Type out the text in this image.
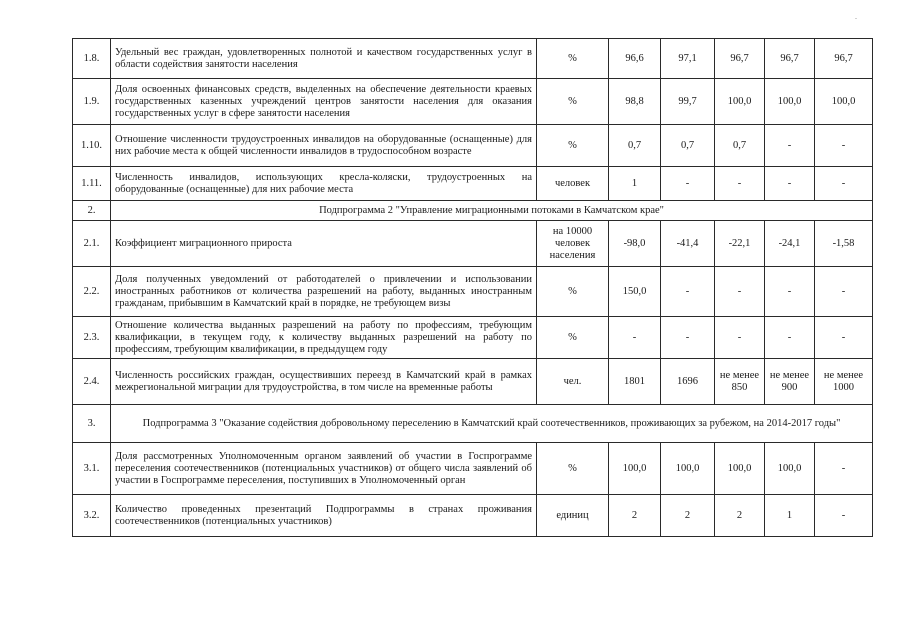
.
1.8.	Удельный вес граждан, удовлетворенных полнотой и качеством государственных услуг в области содействия занятости населения	%	96,6	97,1	96,7	96,7	96,7
1.9.	Доля освоенных финансовых средств, выделенных на обеспечение деятельности краевых государственных казенных учреждений центров занятости населения для оказания государственных услуг в сфере занятости населения	%	98,8	99,7	100,0	100,0	100,0
1.10.	Отношение численности трудоустроенных инвалидов на оборудованные (оснащенные) для них рабочие места к общей численности инвалидов в трудоспособном возрасте	%	0,7	0,7	0,7	-	-
1.11.	Численность инвалидов, использующих кресла-коляски, трудоустроенных на оборудованные (оснащенные) для них рабочие места	человек	1	-	-	-	-
2.	Подпрограмма 2 "Управление миграционными потоками в Камчатском крае"						
2.1.	Коэффициент миграционного прироста	на 10000 человек населения	-98,0	-41,4	-22,1	-24,1	-1,58
2.2.	Доля полученных уведомлений от работодателей о привлечении и использовании иностранных работников от количества разрешений на работу, выданных иностранным гражданам, прибывшим в Камчатский край в порядке, не требующем визы	%	150,0	-	-	-	-
2.3.	Отношение количества выданных разрешений на работу по профессиям, требующим квалификации, в текущем году, к количеству выданных разрешений на работу по профессиям, требующим квалификации, в предыдущем году	%	-	-	-	-	-
2.4.	Численность российских граждан, осуществивших переезд в Камчатский край в рамках межрегиональной миграции для трудоустройства, в том числе на временные работы	чел.	1801	1696	не менее 850	не менее 900	не менее 1000
3.	Подпрограмма 3 "Оказание содействия добровольному переселению в Камчатский край соотечественников, проживающих за рубежом, на 2014-2017 годы"						
3.1.	Доля рассмотренных Уполномоченным органом заявлений об участии в Госпрограмме переселения соотечественников (потенциальных участников) от общего числа заявлений об участии в Госпрограмме переселения, поступивших в Уполномоченный орган	%	100,0	100,0	100,0	100,0	-
3.2.	Количество проведенных презентаций Подпрограммы в странах проживания соотечественников (потенциальных участников)	единиц	2	2	2	1	-
